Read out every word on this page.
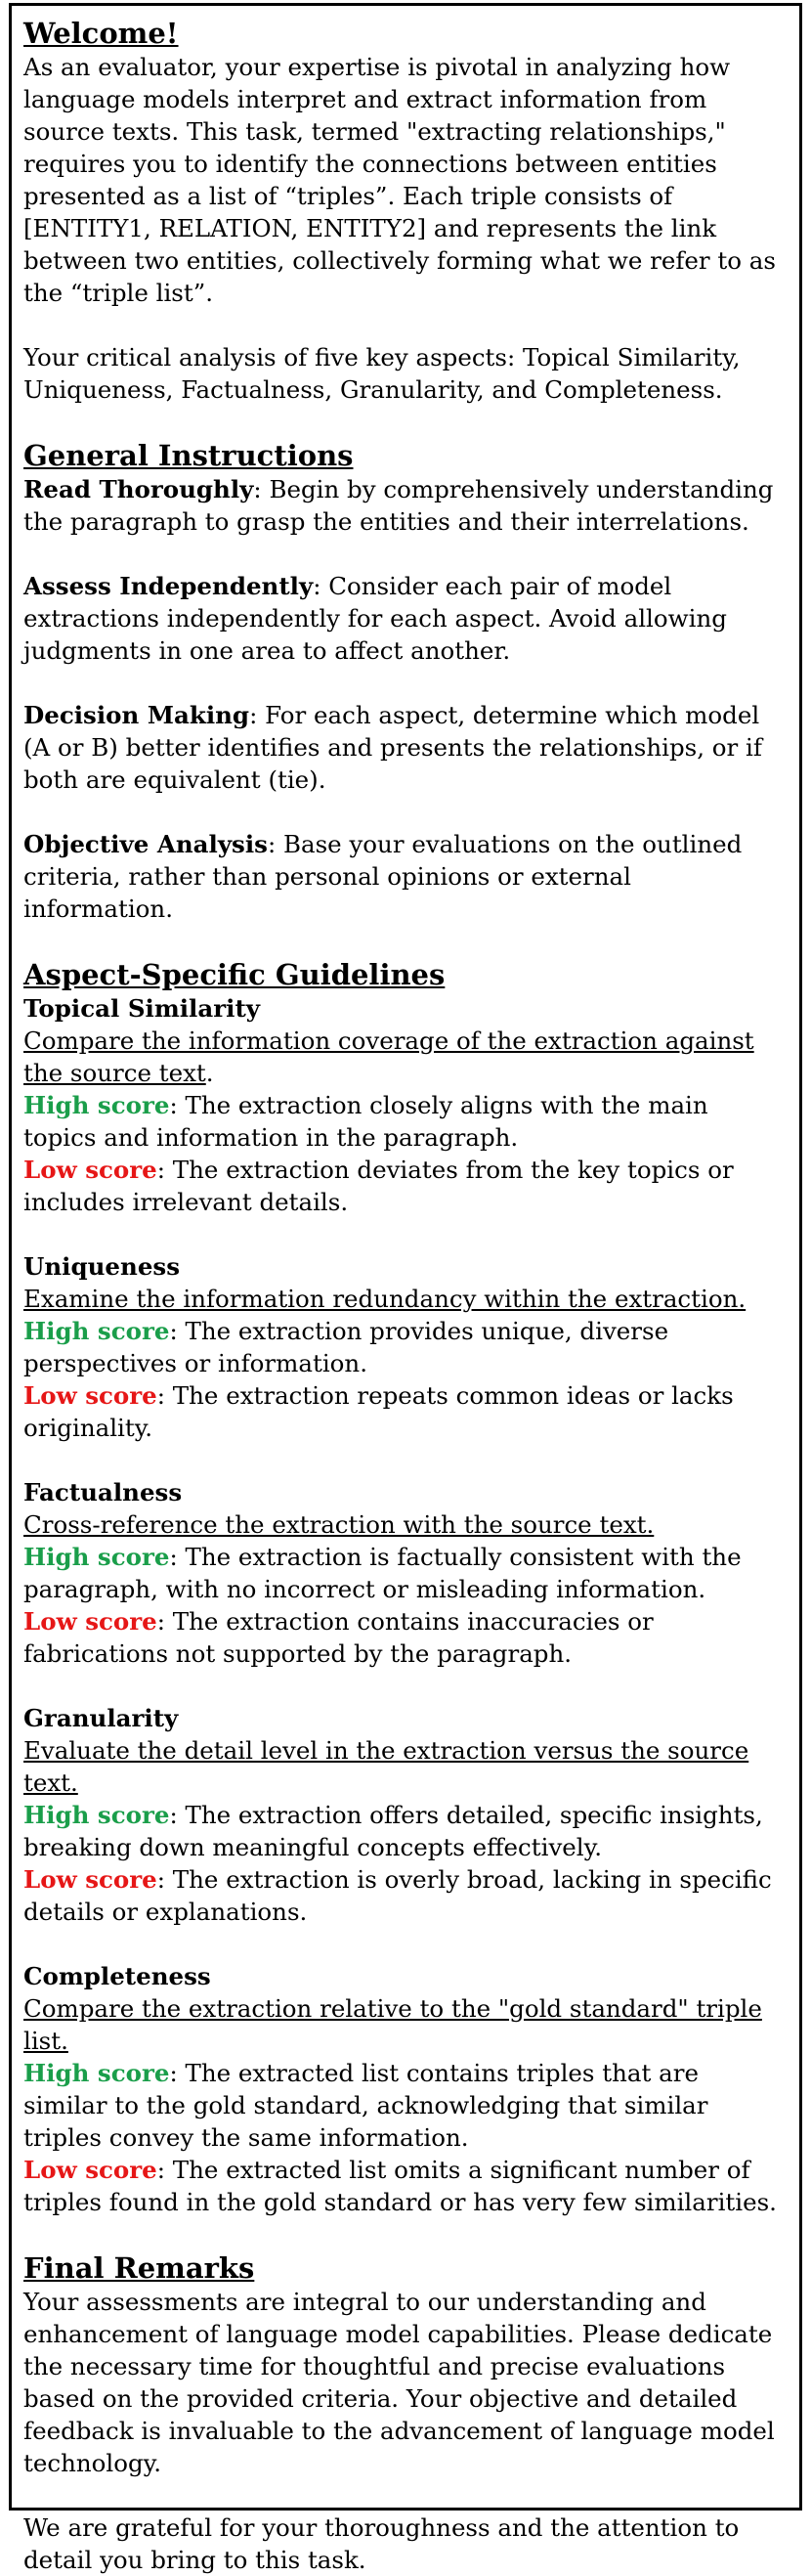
Welcome!

As an evaluator, your expertise is pivotal in analyzing how language models interpret and extract information from source texts. This task, termed "extracting relationships," requires you to identify the connections between entities presented as a list of “triples”. Each triple consists of [ENTITY1, RELATION, ENTITY2] and represents the link between two entities, collectively forming what we refer to as the “triple list”.

Your critical analysis of five key aspects: Topical Similarity, Uniqueness, Factualness, Granularity, and Completeness.

General Instructions

Read Thoroughly: Begin by comprehensively understanding the paragraph to grasp the entities and their interrelations.

Assess Independently: Consider each pair of model extractions independently for each aspect. Avoid allowing judgments in one area to affect another.

Decision Making: For each aspect, determine which model (A or B) better identifies and presents the relationships, or if both are equivalent (tie).

Objective Analysis: Base your evaluations on the outlined criteria, rather than personal opinions or external information.

Aspect-Specific Guidelines

Topical Similarity

Compare the information coverage of the extraction against the source text.

High score: The extraction closely aligns with the main topics and information in the paragraph.

Low score: The extraction deviates from the key topics or includes irrelevant details.

Uniqueness

Examine the information redundancy within the extraction.

High score: The extraction provides unique, diverse perspectives or information.

Low score: The extraction repeats common ideas or lacks originality.

Factualness

Cross-reference the extraction with the source text.

High score: The extraction is factually consistent with the paragraph, with no incorrect or misleading information.

Low score: The extraction contains inaccuracies or fabrications not supported by the paragraph.

Granularity

Evaluate the detail level in the extraction versus the source text.

High score: The extraction offers detailed, specific insights, breaking down meaningful concepts effectively.

Low score: The extraction is overly broad, lacking in specific details or explanations.

Completeness

Compare the extraction relative to the "gold standard" triple list.

High score: The extracted list contains triples that are similar to the gold standard, acknowledging that similar triples convey the same information.

Low score: The extracted list omits a significant number of triples found in the gold standard or has very few similarities.

Final Remarks

Your assessments are integral to our understanding and enhancement of language model capabilities. Please dedicate the necessary time for thoughtful and precise evaluations based on the provided criteria. Your objective and detailed feedback is invaluable to the advancement of language model technology.

We are grateful for your thoroughness and the attention to detail you bring to this task.
